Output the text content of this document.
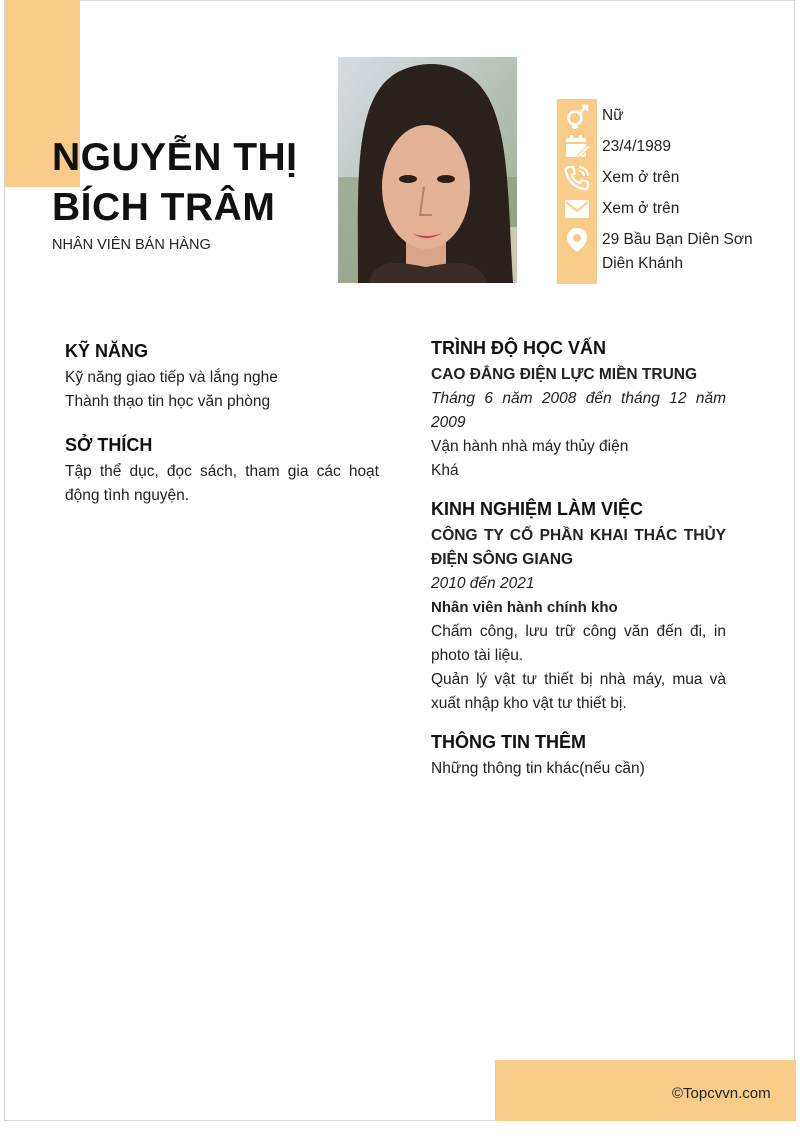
©Topcvvn.com
NGUYỄN THỊ
BÍCH TRÂM
NHÂN VIÊN BÁN HÀNG
Nữ
23/4/1989
Xem ở trên
Xem ở trên
29 Bầu Bạn Diên Sơn
Diên Khánh
KỸ NĂNG
Kỹ năng giao tiếp và lắng nghe
Thành thạo tin học văn phòng
SỞ THÍCH
Tập thể dục, đọc sách, tham gia các hoạt động tình nguyện.
TRÌNH ĐỘ HỌC VẤN
CAO ĐẲNG ĐIỆN LỰC MIỀN TRUNG
Tháng 6 năm 2008 đến tháng 12 năm 2009
Vận hành nhà máy thủy điện
Khá
KINH NGHIỆM LÀM VIỆC
CÔNG TY CỔ PHẦN KHAI THÁC THỦY ĐIỆN SÔNG GIANG
2010 đến 2021
Nhân viên hành chính kho
Chấm công, lưu trữ công văn đến đi, in photo tài liệu.
Quản lý vật tư thiết bị nhà máy, mua và xuất nhập kho vật tư thiết bị.
THÔNG TIN THÊM
Những thông tin khác(nếu cần)
